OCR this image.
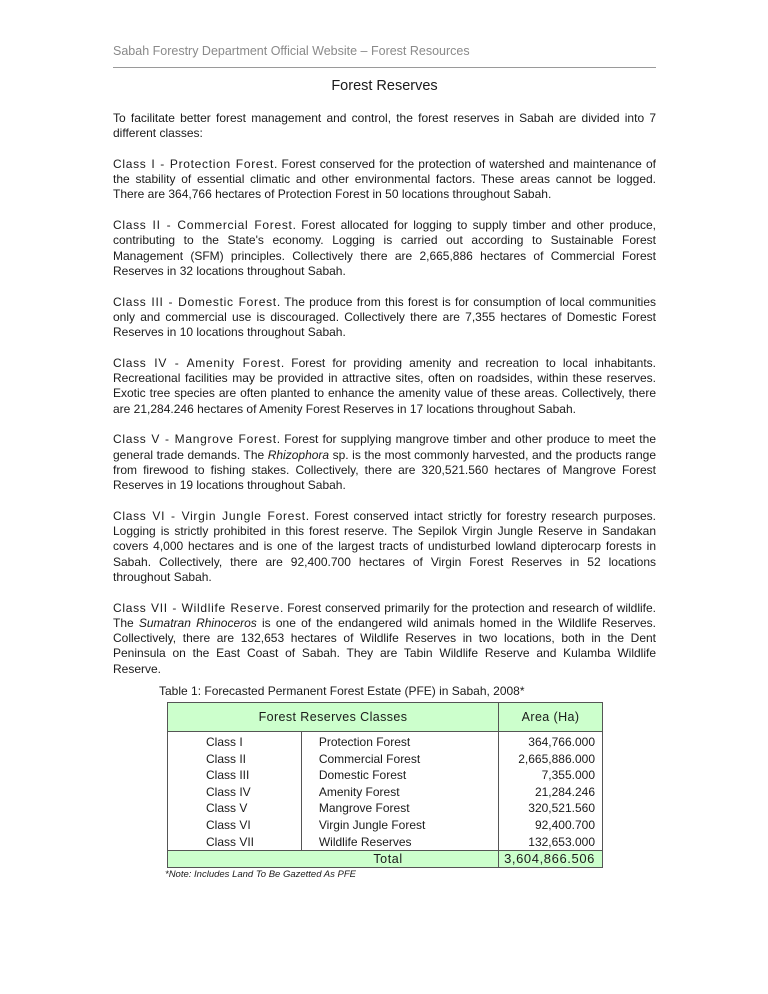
Sabah Forestry Department Official Website – Forest Resources
Forest Reserves

To facilitate better forest management and control, the forest reserves in Sabah are divided into 7 different classes:

Class I - Protection Forest. Forest conserved for the protection of watershed and maintenance of the stability of essential climatic and other environmental factors. These areas cannot be logged. There are 364,766 hectares of Protection Forest in 50 locations throughout Sabah.

Class II - Commercial Forest. Forest allocated for logging to supply timber and other produce, contributing to the State's economy. Logging is carried out according to Sustainable Forest Management (SFM) principles. Collectively there are 2,665,886 hectares of Commercial Forest Reserves in 32 locations throughout Sabah.

Class III - Domestic Forest. The produce from this forest is for consumption of local communities only and commercial use is discouraged. Collectively there are 7,355 hectares of Domestic Forest Reserves in 10 locations throughout Sabah.

Class IV - Amenity Forest. Forest for providing amenity and recreation to local inhabitants. Recreational facilities may be provided in attractive sites, often on roadsides, within these reserves. Exotic tree species are often planted to enhance the amenity value of these areas. Collectively, there are 21,284.246 hectares of Amenity Forest Reserves in 17 locations throughout Sabah.

Class V - Mangrove Forest. Forest for supplying mangrove timber and other produce to meet the general trade demands. The Rhizophora sp. is the most commonly harvested, and the products range from firewood to fishing stakes. Collectively, there are 320,521.560 hectares of Mangrove Forest Reserves in 19 locations throughout Sabah.

Class VI - Virgin Jungle Forest. Forest conserved intact strictly for forestry research purposes. Logging is strictly prohibited in this forest reserve. The Sepilok Virgin Jungle Reserve in Sandakan covers 4,000 hectares and is one of the largest tracts of undisturbed lowland dipterocarp forests in Sabah. Collectively, there are 92,400.700 hectares of Virgin Forest Reserves in 52 locations throughout Sabah.

Class VII - Wildlife Reserve. Forest conserved primarily for the protection and research of wildlife. The Sumatran Rhinoceros is one of the endangered wild animals homed in the Wildlife Reserves. Collectively, there are 132,653 hectares of Wildlife Reserves in two locations, both in the Dent Peninsula on the East Coast of Sabah. They are Tabin Wildlife Reserve and Kulamba Wildlife Reserve.

Table 1: Forecasted Permanent Forest Estate (PFE) in Sabah, 2008*
Forest Reserves Classes		Area (Ha)
Class I	Protection Forest	364,766.000
Class II	Commercial Forest	2,665,886.000
Class III	Domestic Forest	7,355.000
Class IV	Amenity Forest	21,284.246
Class V	Mangrove Forest	320,521.560
Class VI	Virgin Jungle Forest	92,400.700
Class VII	Wildlife Reserves	132,653.000
Total		3,604,866.506
*Note: Includes Land To Be Gazetted As PFE
